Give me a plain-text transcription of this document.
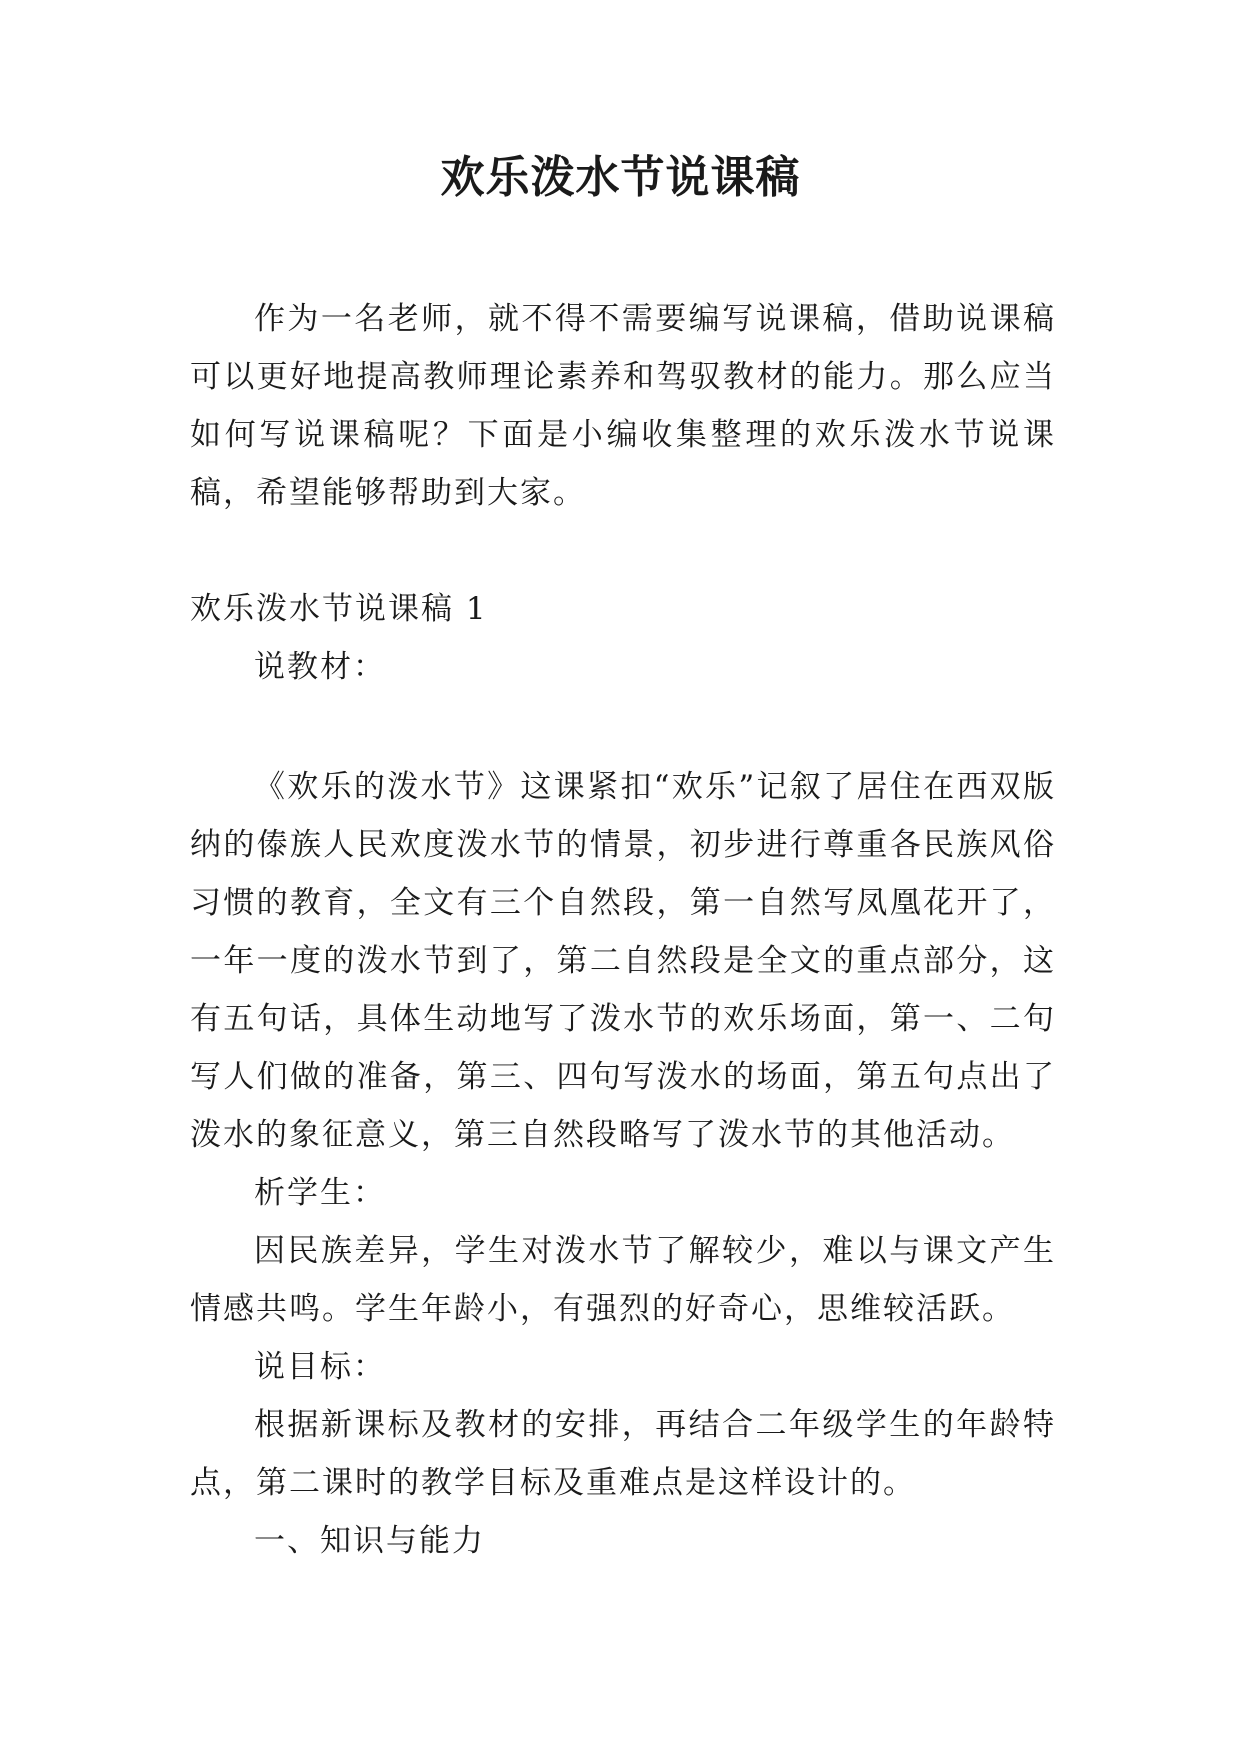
欢乐泼水节说课稿

作为一名老师，就不得不需要编写说课稿，借助说课稿可以更好地提高教师理论素养和驾驭教材的能力。那么应当如何写说课稿呢？下面是小编收集整理的欢乐泼水节说课稿，希望能够帮助到大家。

欢乐泼水节说课稿 1

说教材：

《欢乐的泼水节》这课紧扣“欢乐”记叙了居住在西双版纳的傣族人民欢度泼水节的情景，初步进行尊重各民族风俗习惯的教育，全文有三个自然段，第一自然写凤凰花开了，一年一度的泼水节到了，第二自然段是全文的重点部分，这有五句话，具体生动地写了泼水节的欢乐场面，第一、二句写人们做的准备，第三、四句写泼水的场面，第五句点出了泼水的象征意义，第三自然段略写了泼水节的其他活动。

析学生：

因民族差异，学生对泼水节了解较少，难以与课文产生情感共鸣。学生年龄小，有强烈的好奇心，思维较活跃。

说目标：

根据新课标及教材的安排，再结合二年级学生的年龄特点，第二课时的教学目标及重难点是这样设计的。

一、知识与能力
